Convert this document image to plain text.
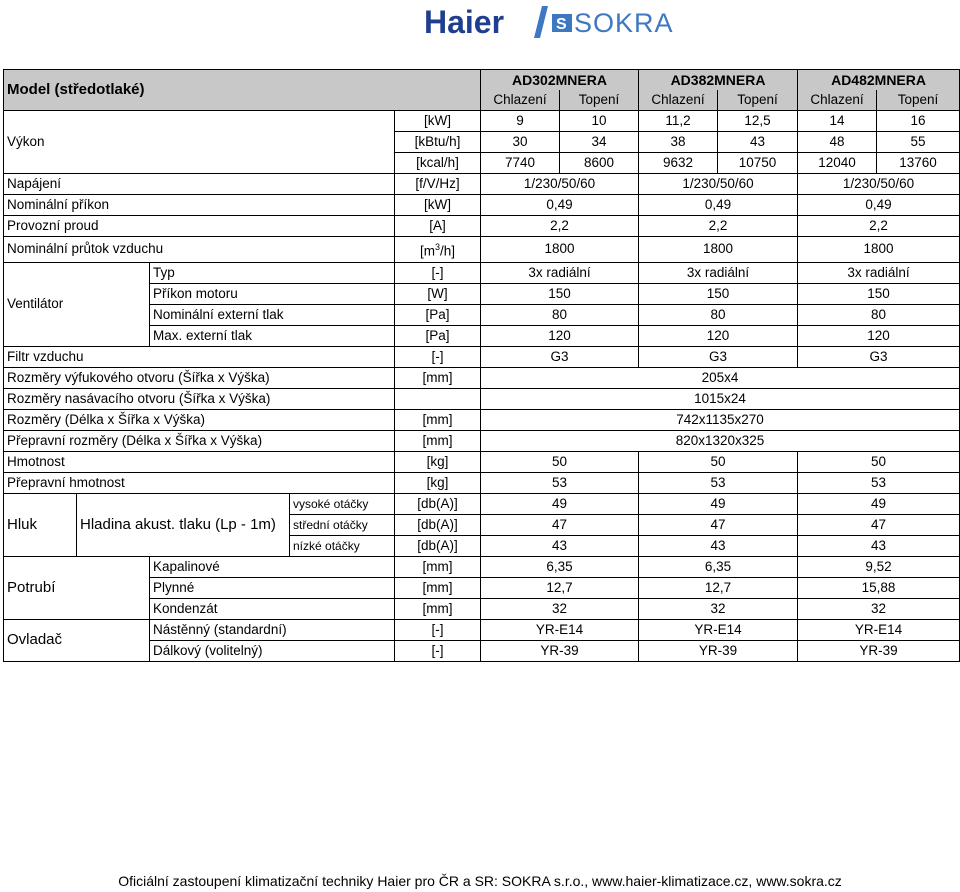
Haier	S SOKRA
Model (středotlaké)					AD302MNERA		AD382MNERA		AD482MNERA	
					Chlazení	Topení	Chlazení	Topení	Chlazení	Topení
Výkon				[kW]	9	10	11,2	12,5	14	16
				[kBtu/h]	30	34	38	43	48	55
				[kcal/h]	7740	8600	9632	10750	12040	13760
Napájení				[f/V/Hz]	1/230/50/60		1/230/50/60		1/230/50/60	
Nominální příkon				[kW]	0,49		0,49		0,49	
Provozní proud				[A]	2,2		2,2		2,2	
Nominální průtok vzduchu				$[m^3/h]$	1800		1800		1800	
Ventilátor		Typ		[-]	3x radiální		3x radiální		3x radiální	
		Příkon motoru		[W]	150		150		150	
		Nominální externí tlak		[Pa]	80		80		80	
		Max. externí tlak		[Pa]	120		120		120	
Filtr vzduchu				[-]	G3		G3		G3	
Rozměry výfukového otvoru (Šířka x Výška)				[mm]	205x4					
Rozměry nasávacího otvoru (Šířka x Výška)					1015x24					
Rozměry (Délka x Šířka x Výška)				[mm]	742x1135x270					
Přepravní rozměry (Délka x Šířka x Výška)				[mm]	820x1320x325					
Hmotnost				[kg]	50		50		50	
Přepravní hmotnost				[kg]	53		53		53	
Hluk	Hladina akust. tlaku (Lp - 1m)		vysoké otáčky	[db(A)]	49		49		49	
			střední otáčky	[db(A)]	47		47		47	
			nízké otáčky	[db(A)]	43		43		43	
Potrubí		Kapalinové		[mm]	6,35		6,35		9,52	
		Plynné		[mm]	12,7		12,7		15,88	
		Kondenzát		[mm]	32		32		32	
Ovladač		Nástěnný (standardní)		[-]	YR-E14		YR-E14		YR-E14	
		Dálkový (volitelný)		[-]	YR-39		YR-39		YR-39	
Oficiální zastoupení klimatizační techniky Haier pro ČR a SR: SOKRA s.r.o., www.haier-klimatizace.cz, www.sokra.cz
